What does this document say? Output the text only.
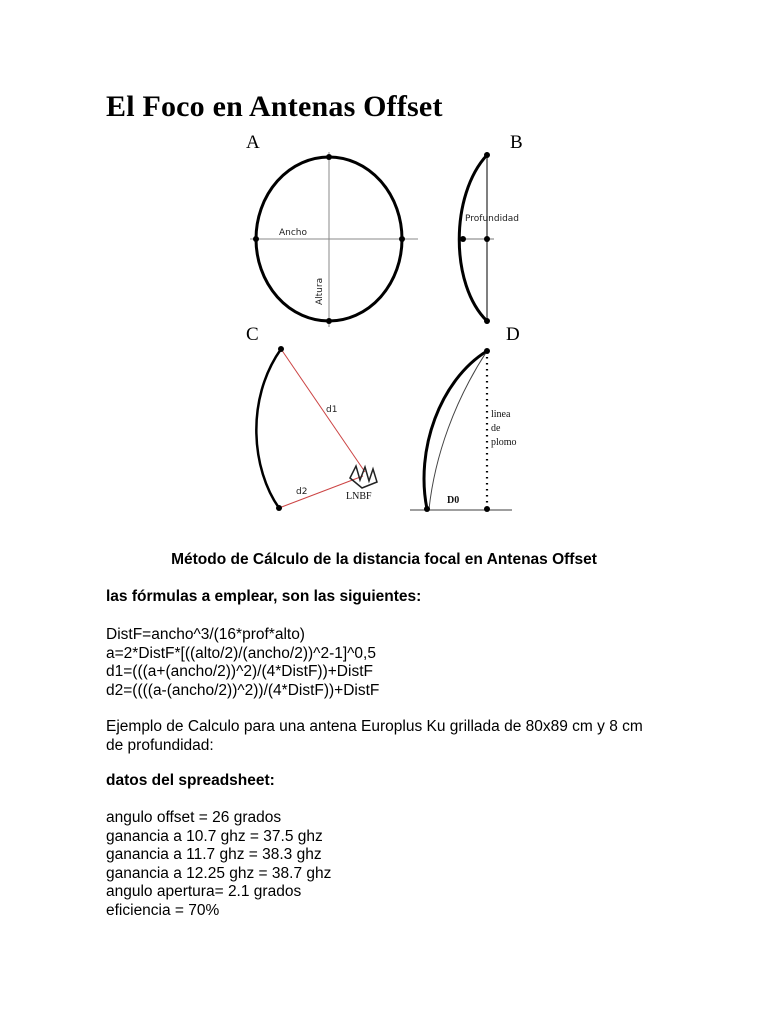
El Foco en Antenas Offset
A
Ancho
Altura
B
Profundidad
C
d1
d2	LNBF
D
linea
de
plomo
D0

Método de Cálculo de la distancia focal en Antenas Offset

las fórmulas a emplear, son las siguientes:

DistF=ancho^3/(16*prof*alto)
a=2*DistF*[((alto/2)/(ancho/2))^2-1]^0,5
d1=(((a+(ancho/2))^2)/(4*DistF))+DistF
d2=((((a-(ancho/2))^2))/(4*DistF))+DistF
Ejemplo de Calculo para una antena Europlus Ku grillada de 80x89 cm y 8 cm
de profundidad:

datos del spreadsheet:

angulo offset = 26 grados
ganancia a 10.7 ghz = 37.5 ghz
ganancia a 11.7 ghz = 38.3 ghz
ganancia a 12.25 ghz = 38.7 ghz
angulo apertura= 2.1 grados
eficiencia = 70%
